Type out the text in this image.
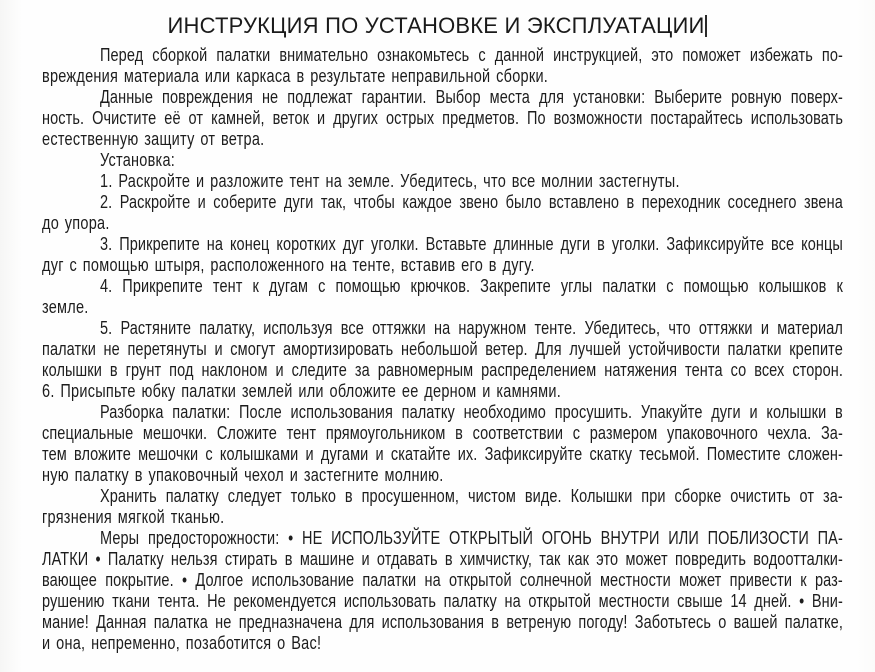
ИНСТРУКЦИЯ ПО УСТАНОВКЕ И ЭКСПЛУАТАЦИИ
Перед сборкой палатки внимательно ознакомьтесь с данной инструкцией, это поможет избежать по-
вреждения материала или каркаса в результате неправильной сборки.
Данные повреждения не подлежат гарантии. Выбор места для установки: Выберите ровную поверх-
ность. Очистите её от камней, веток и других острых предметов. По возможности постарайтесь использовать
естественную защиту от ветра.
Установка:
1. Раскройте и разложите тент на земле. Убедитесь, что все молнии застегнуты.
2. Раскройте и соберите дуги так, чтобы каждое звено было вставлено в переходник соседнего звена
до упора.
3. Прикрепите на конец коротких дуг уголки. Вставьте длинные дуги в уголки. Зафиксируйте все концы
дуг с помощью штыря, расположенного на тенте, вставив его в дугу.
4. Прикрепите тент к дугам с помощью крючков. Закрепите углы палатки с помощью колышков к
земле.
5. Растяните палатку, используя все оттяжки на наружном тенте. Убедитесь, что оттяжки и материал
палатки не перетянуты и смогут амортизировать небольшой ветер. Для лучшей устойчивости палатки крепите
колышки в грунт под наклоном и следите за равномерным распределением натяжения тента со всех сторон.
6. Присыпьте юбку палатки землей или обложите ее дерном и камнями.
Разборка палатки: После использования палатку необходимо просушить. Упакуйте дуги и колышки в
специальные мешочки. Сложите тент прямоугольником в соответствии с размером упаковочного чехла. За-
тем вложите мешочки с колышками и дугами и скатайте их. Зафиксируйте скатку тесьмой. Поместите сложен-
ную палатку в упаковочный чехол и застегните молнию.
Хранить палатку следует только в просушенном, чистом виде. Колышки при сборке очистить от за-
грязнения мягкой тканью.
Меры предосторожности: • НЕ ИСПОЛЬЗУЙТЕ ОТКРЫТЫЙ ОГОНЬ ВНУТРИ ИЛИ ПОБЛИЗОСТИ ПА-
ЛАТКИ • Палатку нельзя стирать в машине и отдавать в химчистку, так как это может повредить водоотталки-
вающее покрытие. • Долгое использование палатки на открытой солнечной местности может привести к раз-
рушению ткани тента. Не рекомендуется использовать палатку на открытой местности свыше 14 дней. • Вни-
мание! Данная палатка не предназначена для использования в ветреную погоду! Заботьтесь о вашей палатке,
и она, непременно, позаботится о Вас!
